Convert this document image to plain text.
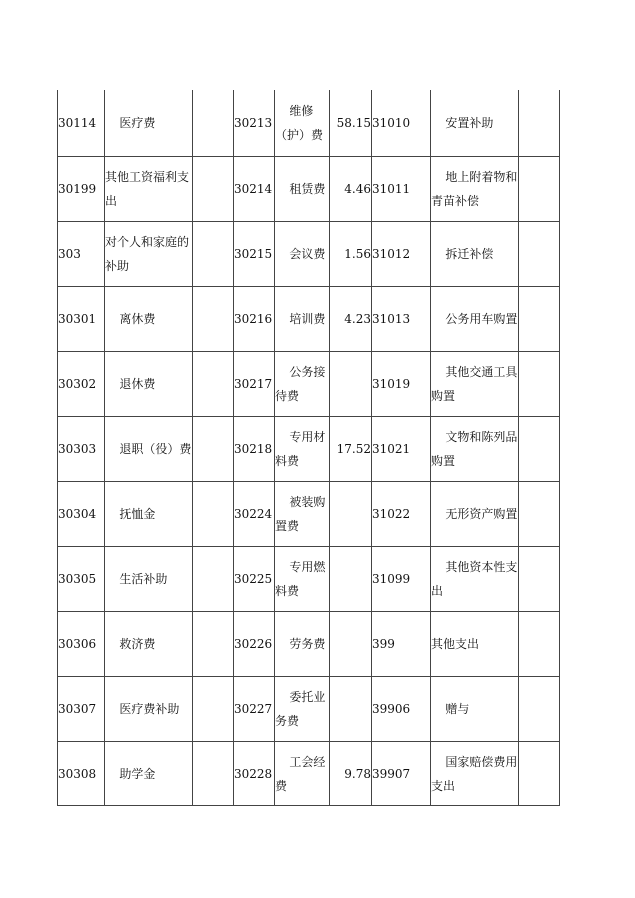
30114	医疗费		30213	维修（护）费	58.15	31010	安置补助	

30199	其他工资福利支出		30214	租赁费	4.46	31011	地上附着物和青苗补偿	

303	对个人和家庭的补助		30215	会议费	1.56	31012	拆迁补偿	

30301	离休费		30216	培训费	4.23	31013	公务用车购置	

30302	退休费		30217	公务接待费		31019	其他交通工具购置	

30303	退职（役）费		30218	专用材料费	17.52	31021	文物和陈列品购置	

30304	抚恤金		30224	被装购置费		31022	无形资产购置	

30305	生活补助		30225	专用燃料费		31099	其他资本性支出	

30306	救济费		30226	劳务费		399	其他支出	
30307	医疗费补助		30227	委托业务费		39906	赠与	

30308	助学金		30228	工会经费	9.78	39907	国家赔偿费用支出	
